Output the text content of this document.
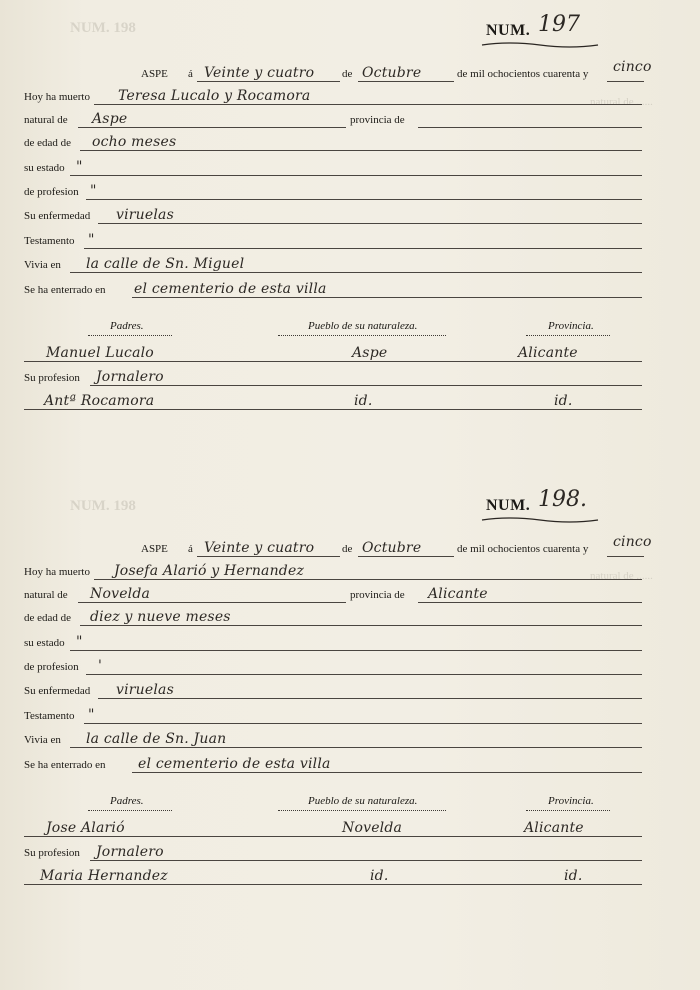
NUM. 198
NUM. 198
natural de ......
natural de ......
NUM. 197
ASPE á Veinte y cuatro	de Octubre	de mil ochocientos cuarenta y cinco
Hoy ha muerto Teresa Lucalo y Rocamora
natural de Aspe	provincia de
de edad de ocho meses
su estado "
de profesion "
Su enfermedad viruelas
Testamento "
Vivia en la calle de Sn. Miguel
Se ha enterrado en el cementerio de esta villa
Padres.	Pueblo de su naturaleza.	Provincia.
Manuel Lucalo	Aspe	Alicante
Su profesion Jornalero
Antª Rocamora	id.	id.
NUM. 198.
ASPE á Veinte y cuatro	de Octubre	de mil ochocientos cuarenta y cinco
Hoy ha muerto Josefa Alarió y Hernandez
natural de Novelda	provincia de Alicante
de edad de diez y nueve meses
su estado "
de profesion '
Su enfermedad viruelas
Testamento "
Vivia en la calle de Sn. Juan
Se ha enterrado en el cementerio de esta villa
Padres.	Pueblo de su naturaleza.	Provincia.
Jose Alarió	Novelda	Alicante
Su profesion Jornalero
Maria Hernandez	id.	id.
